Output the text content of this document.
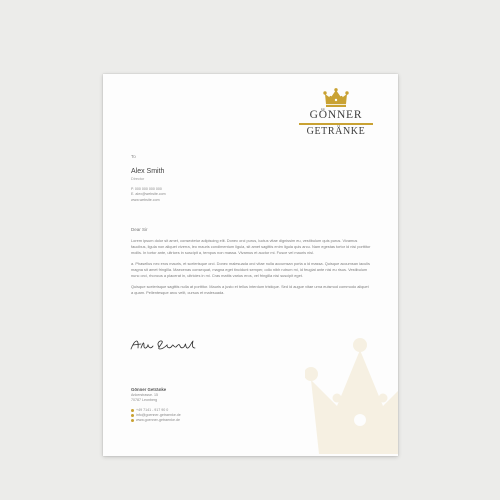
GÖNNER
GETRÄNKE
To
Alex Smith
Director
P. 000 000 000 000
E. alex@website.com
www.website.com
Dear Sir

Lorem ipsum dolor sit amet, consectetur adipiscing elit. Donec orci purus, luctus vitae dignissim eu, vestibulum quis purus. Vivamus faucibus, ligula non aliquet viverra, leo mauris condimentum ligula, sit amet sagittis enim ligula quis arcu. Nam egestas tortor id nisi porttitor mollis. In tortor ante, ultrices in suscipit a, tempus non massa. Vivamus et auctor mi. Fusce vel mauris nisl.

a. Phasellus nec eros mauris, et scelerisque orci. Donec malesuada orci vitae nulla accumsan porta a id massa. Quisque accumsan iaculis magna sit amet fringilla. Maecenas consequat, magna eget tincidunt semper, odio nibh rutrum mi, id feugiat ante nisi eu risus. Vestibulum nunc orci, rhoncus a placerat in, ultricies in mi. Cras mattis varius eros, vel fringilla nisi suscipit eget.

Quisque scelerisque sagittis nulla at porttitor. Mauris a justo et tellus interdum tristique. Sed id augue vitae urna euismod commodo aliquet a quam. Pellentesque arcu velit, cursus et malesuada.

Gönner Getränke
Ankerstrasse. 15
70787 Leonberg
+49 7141 - 917 90 0
info@goenner-getraenke.de
www.goenner-getraenke.de
